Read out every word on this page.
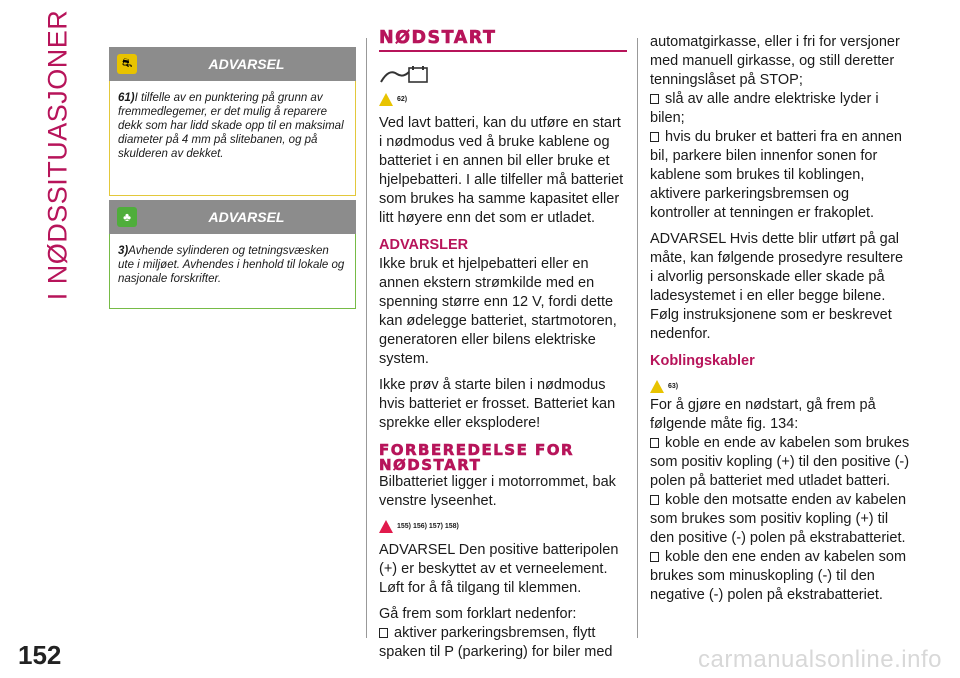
I NØDSSITUASJONER	⛐	ADVARSEL
61)I tilfelle av en punktering på grunn av fremmedlegemer, er det mulig å reparere dekk som har lidd skade opp til en maksimal diameter på 4 mm på slitebanen, og på skulderen av dekket.
♣	ADVARSEL
3)Avhende sylinderen og tetningsvæsken ute i miljøet. Avhendes i henhold til lokale og nasjonale forskrifter.
NØDSTART
62)
Ved lavt batteri, kan du utføre en start i nødmodus ved å bruke kablene og batteriet i en annen bil eller bruke et hjelpebatteri. I alle tilfeller må batteriet som brukes ha samme kapasitet eller litt høyere enn det som er utladet.
ADVARSLER
Ikke bruk et hjelpebatteri eller en annen ekstern strømkilde med en spenning større enn 12 V, fordi dette kan ødelegge batteriet, startmotoren, generatoren eller bilens elektriske system.
Ikke prøv å starte bilen i nødmodus hvis batteriet er frosset. Batteriet kan sprekke eller eksplodere!
FORBEREDELSE FOR
NØDSTART
Bilbatteriet ligger i motorrommet, bak venstre lyseenhet.
155) 156) 157) 158)
ADVARSEL Den positive batteripolen (+) er beskyttet av et verneelement. Løft for å få tilgang til klemmen.
Gå frem som forklart nedenfor:
aktiver parkeringsbremsen, flytt spaken til P (parkering) for biler med
automatgirkasse, eller i fri for versjoner med manuell girkasse, og still deretter tenningslåset på STOP;
slå av alle andre elektriske lyder i bilen;
hvis du bruker et batteri fra en annen bil, parkere bilen innenfor sonen for kablene som brukes til koblingen, aktivere parkeringsbremsen og kontroller at tenningen er frakoplet.
ADVARSEL Hvis dette blir utført på gal måte, kan følgende prosedyre resultere i alvorlig personskade eller skade på ladesystemet i en eller begge bilene. Følg instruksjonene som er beskrevet nedenfor.
Koblingskabler
63)
For å gjøre en nødstart, gå frem på følgende måte fig. 134:
koble en ende av kabelen som brukes som positiv kopling (+) til den positive (-) polen på batteriet med utladet batteri.
koble den motsatte enden av kabelen som brukes som positiv kopling (+) til den positive (-) polen på ekstrabatteriet.
koble den ene enden av kabelen som brukes som minuskopling (-) til den negative (-) polen på ekstrabatteriet.
152	carmanualsonline.info
